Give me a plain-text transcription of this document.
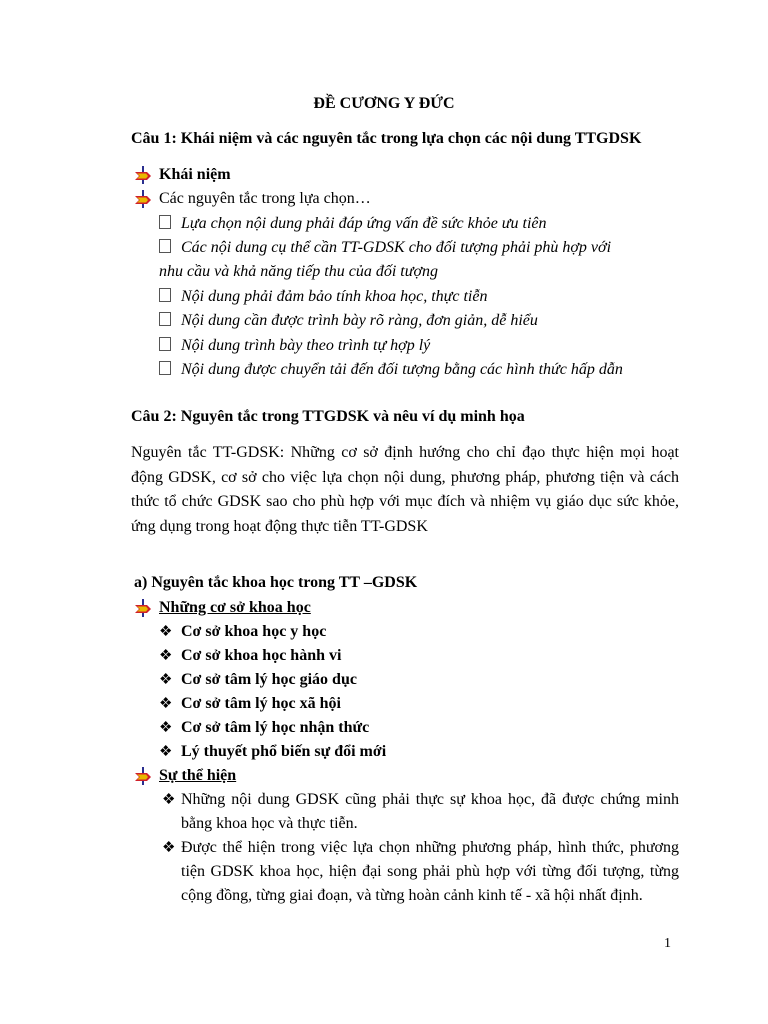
ĐỀ CƯƠNG Y ĐỨC
Câu 1: Khái niệm và các nguyên tắc trong lựa chọn các nội dung TTGDSK
Khái niệm
Các nguyên tắc trong lựa chọn…
Lựa chọn nội dung phải đáp ứng vấn đề sức khỏe ưu tiên
Các nội dung cụ thể cần TT-GDSK cho đối tượng phải phù hợp với
nhu cầu và khả năng tiếp thu của đối tượng
Nội dung phải đảm bảo tính khoa học, thực tiễn
Nội dung cần được trình bày rõ ràng, đơn giản, dễ hiểu
Nội dung trình bày theo trình tự hợp lý
Nội dung được chuyển tải đến đối tượng bằng các hình thức hấp dẫn
Câu 2: Nguyên tắc trong TTGDSK và nêu ví dụ minh họa
Nguyên tắc TT-GDSK: Những cơ sở định hướng cho chỉ đạo thực hiện mọi hoạt động GDSK, cơ sở cho việc lựa chọn nội dung, phương pháp, phương tiện và cách thức tổ chức GDSK sao cho phù hợp với mục đích và nhiệm vụ giáo dục sức khỏe, ứng dụng trong hoạt động thực tiễn TT-GDSK
a) Nguyên tắc khoa học trong TT –GDSK
Những cơ sở khoa học
❖ Cơ sở khoa học y học
❖ Cơ sở khoa học hành vi
❖ Cơ sở tâm lý học giáo dục
❖ Cơ sở tâm lý học xã hội
❖ Cơ sở tâm lý học nhận thức
❖ Lý thuyết phổ biến sự đổi mới
Sự thể hiện
❖ Những nội dung GDSK cũng phải thực sự khoa học, đã được chứng minh bằng khoa học và thực tiễn.
❖ Được thể hiện trong việc lựa chọn những phương pháp, hình thức, phương tiện GDSK khoa học, hiện đại song phải phù hợp với từng đối tượng, từng cộng đồng, từng giai đoạn, và từng hoàn cảnh kinh tế - xã hội nhất định.
1
